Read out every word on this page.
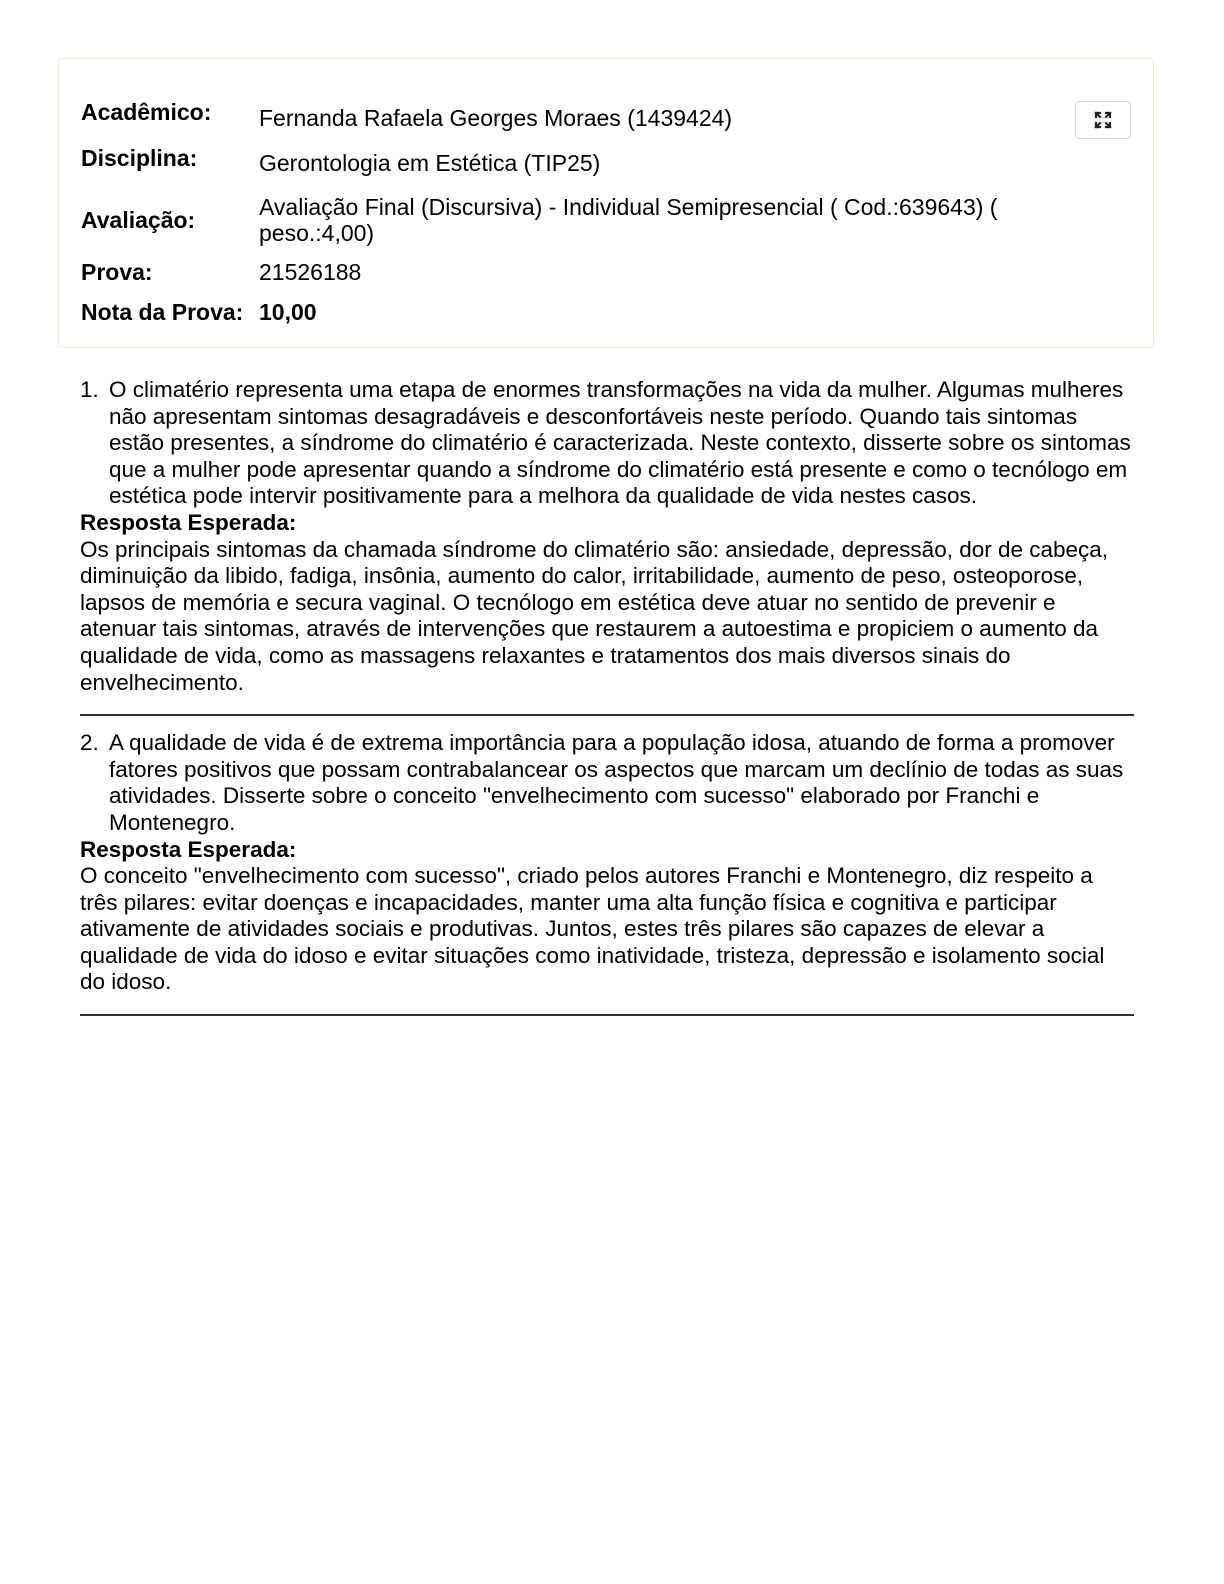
Acadêmico:	Fernanda Rafaela Georges Moraes (1439424)
Disciplina:	Gerontologia em Estética (TIP25)
Avaliação:	Avaliação Final (Discursiva) - Individual Semipresencial ( Cod.:639643) ( peso.:4,00)
Prova:	21526188
Nota da Prova:	10,00
1. O climatério representa uma etapa de enormes transformações na vida da mulher. Algumas mulheres não apresentam sintomas desagradáveis e desconfortáveis neste período. Quando tais sintomas estão presentes, a síndrome do climatério é caracterizada. Neste contexto, disserte sobre os sintomas que a mulher pode apresentar quando a síndrome do climatério está presente e como o tecnólogo em estética pode intervir positivamente para a melhora da qualidade de vida nestes casos.
Resposta Esperada:
Os principais sintomas da chamada síndrome do climatério são: ansiedade, depressão, dor de cabeça, diminuição da libido, fadiga, insônia, aumento do calor, irritabilidade, aumento de peso, osteoporose, lapsos de memória e secura vaginal. O tecnólogo em estética deve atuar no sentido de prevenir e atenuar tais sintomas, através de intervenções que restaurem a autoestima e propiciem o aumento da qualidade de vida, como as massagens relaxantes e tratamentos dos mais diversos sinais do envelhecimento.
2. A qualidade de vida é de extrema importância para a população idosa, atuando de forma a promover fatores positivos que possam contrabalancear os aspectos que marcam um declínio de todas as suas atividades. Disserte sobre o conceito "envelhecimento com sucesso" elaborado por Franchi e Montenegro.
Resposta Esperada:
O conceito "envelhecimento com sucesso", criado pelos autores Franchi e Montenegro, diz respeito a três pilares: evitar doenças e incapacidades, manter uma alta função física e cognitiva e participar ativamente de atividades sociais e produtivas. Juntos, estes três pilares são capazes de elevar a qualidade de vida do idoso e evitar situações como inatividade, tristeza, depressão e isolamento social do idoso.
